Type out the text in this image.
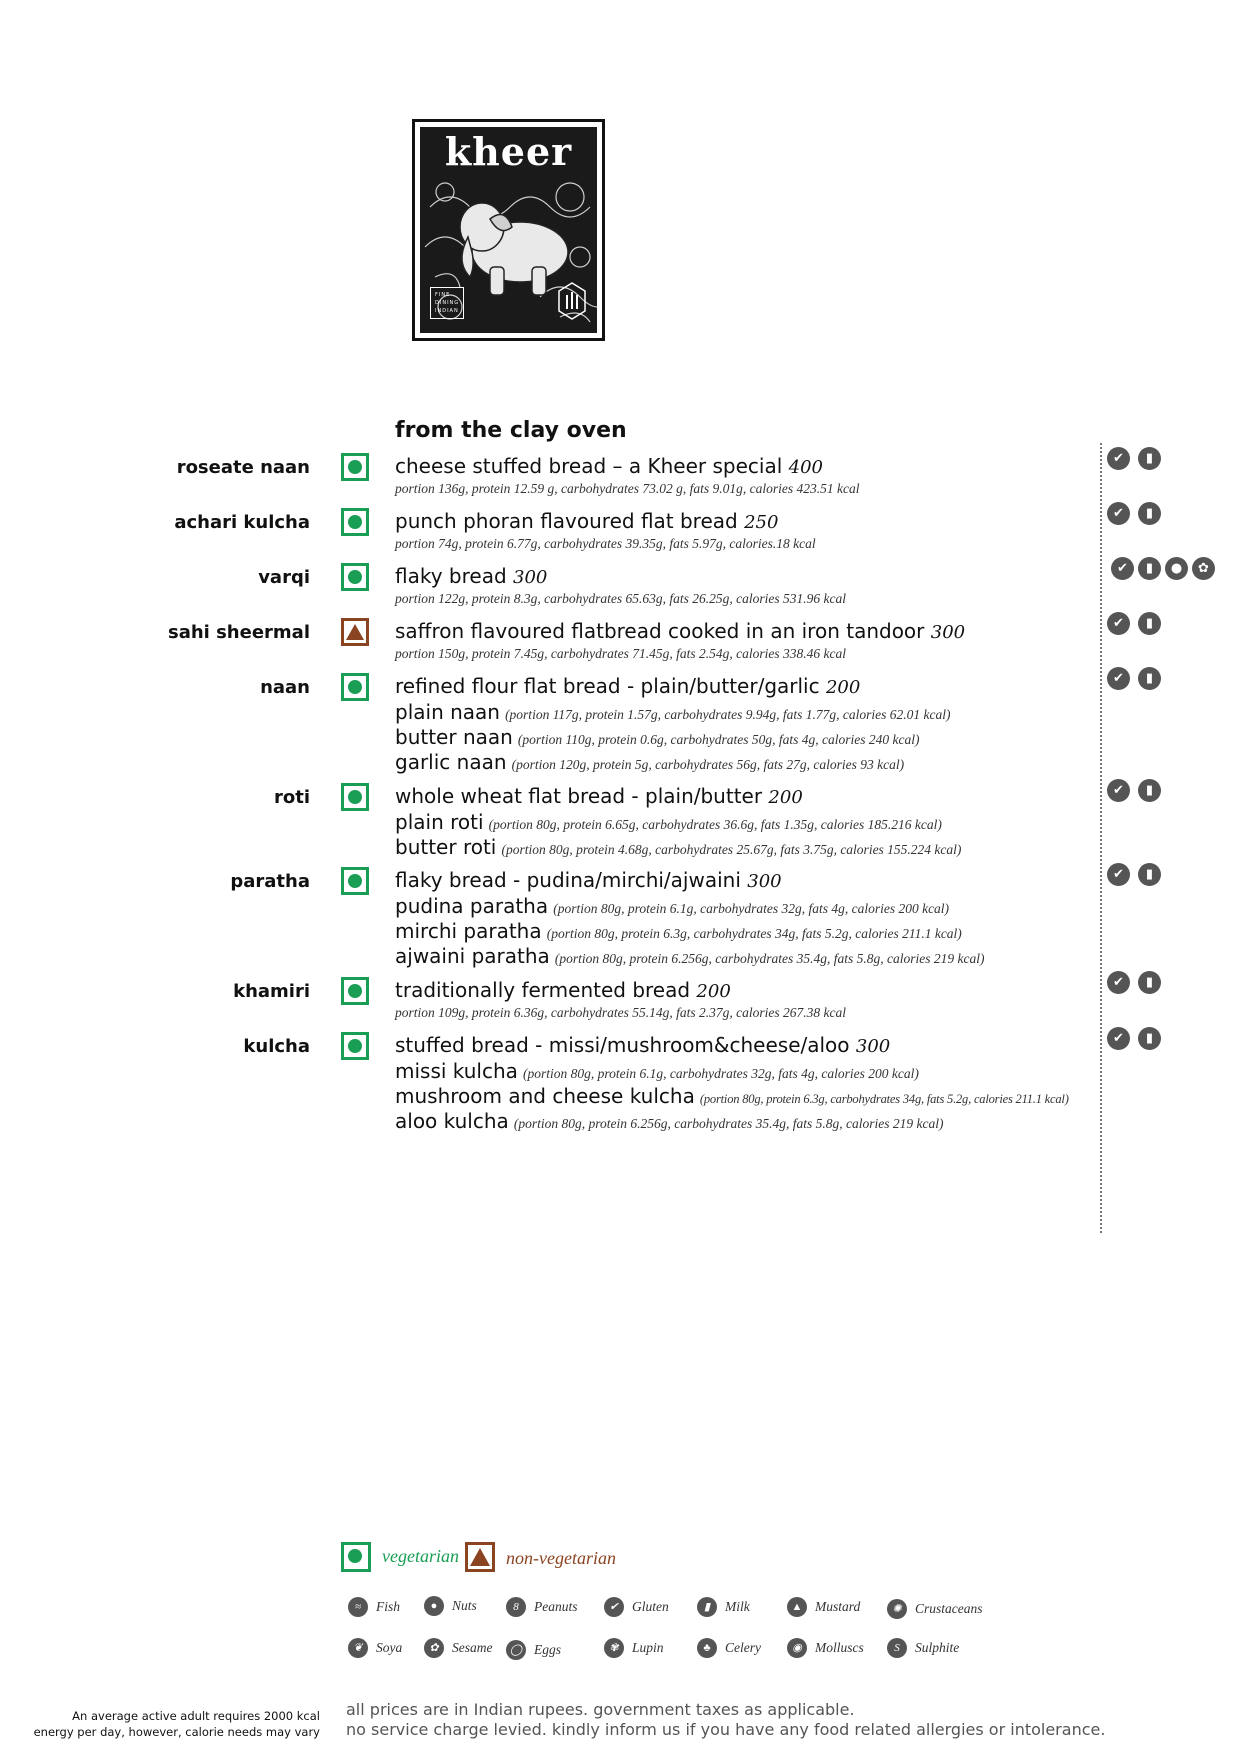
kheer
FINE
DINING
INDIAN
from the clay oven
roseate naan	cheese stuffed bread – a Kheer special 400
portion 136g, protein 12.59 g, carbohydrates 73.02 g, fats 9.01g, calories 423.51 kcal
✔	▮
achari kulcha	punch phoran flavoured flat bread 250
portion 74g, protein 6.77g, carbohydrates 39.35g, fats 5.97g, calories.18 kcal
✔	▮
varqi	flaky bread 300
portion 122g, protein 8.3g, carbohydrates 65.63g, fats 26.25g, calories 531.96 kcal
✔	▮	●	✿
sahi sheermal	saffron flavoured flatbread cooked in an iron tandoor 300
portion 150g, protein 7.45g, carbohydrates 71.45g, fats 2.54g, calories 338.46 kcal
✔	▮
naan	refined flour flat bread - plain/butter/garlic 200
plain naan (portion 117g, protein 1.57g, carbohydrates 9.94g, fats 1.77g, calories 62.01 kcal)
butter naan (portion 110g, protein 0.6g, carbohydrates 50g, fats 4g, calories 240 kcal)
garlic naan (portion 120g, protein 5g, carbohydrates 56g, fats 27g, calories 93 kcal)
✔	▮
roti	whole wheat flat bread - plain/butter 200
plain roti (portion 80g, protein 6.65g, carbohydrates 36.6g, fats 1.35g, calories 185.216 kcal)
butter roti (portion 80g, protein 4.68g, carbohydrates 25.67g, fats 3.75g, calories 155.224 kcal)
✔	▮
paratha	flaky bread - pudina/mirchi/ajwaini 300
pudina paratha (portion 80g, protein 6.1g, carbohydrates 32g, fats 4g, calories 200 kcal)
mirchi paratha (portion 80g, protein 6.3g, carbohydrates 34g, fats 5.2g, calories 211.1 kcal)
ajwaini paratha (portion 80g, protein 6.256g, carbohydrates 35.4g, fats 5.8g, calories 219 kcal)
✔	▮
khamiri	traditionally fermented bread 200
portion 109g, protein 6.36g, carbohydrates 55.14g, fats 2.37g, calories 267.38 kcal
✔	▮
kulcha	stuffed bread - missi/mushroom&cheese/aloo 300
missi kulcha (portion 80g, protein 6.1g, carbohydrates 32g, fats 4g, calories 200 kcal)
mushroom and cheese kulcha (portion 80g, protein 6.3g, carbohydrates 34g, fats 5.2g, calories 211.1 kcal)
aloo kulcha (portion 80g, protein 6.256g, carbohydrates 35.4g, fats 5.8g, calories 219 kcal)
✔	▮
vegetarian	non-vegetarian
≈	Fish	●	Nuts	8	Peanuts	✔ Gluten	▮	Milk	▲ Mustard	✺ Crustaceans
❦ Soya	✿ Sesame	◯ Eggs	✾ Lupin	♣	Celery	◉ Molluscs	S	Sulphite
An average active adult requires 2000 kcal
energy per day, however, calorie needs may vary
all prices are in Indian rupees. government taxes as applicable.
no service charge levied. kindly inform us if you have any food related allergies or intolerance.
